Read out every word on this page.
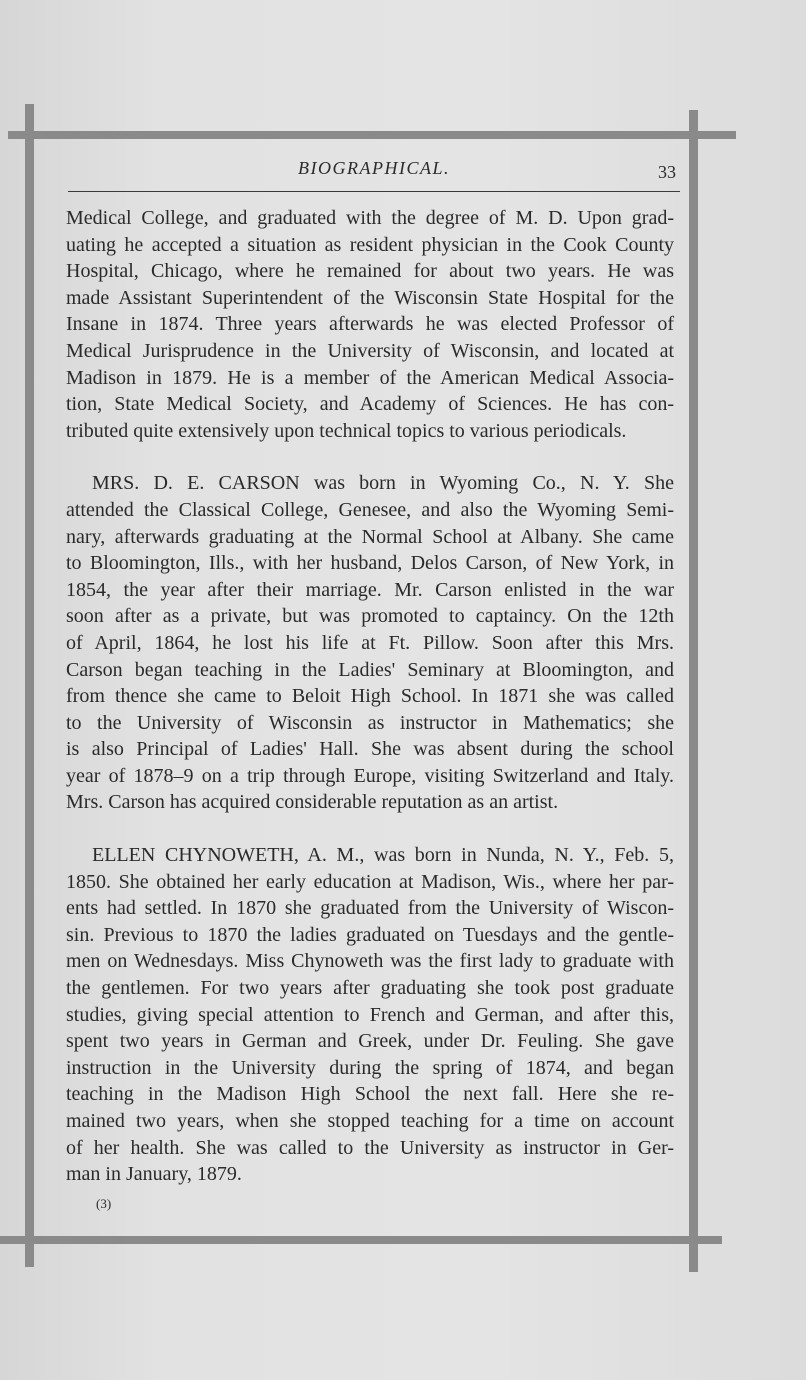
BIOGRAPHICAL.	33

Medical College, and graduated with the degree of M. D. Upon grad-
uating he accepted a situation as resident physician in the Cook County
Hospital, Chicago, where he remained for about two years. He was
made Assistant Superintendent of the Wisconsin State Hospital for the
Insane in 1874. Three years afterwards he was elected Professor of
Medical Jurisprudence in the University of Wisconsin, and located at
Madison in 1879. He is a member of the American Medical Associa-
tion, State Medical Society, and Academy of Sciences. He has con-
tributed quite extensively upon technical topics to various periodicals.

MRS. D. E. CARSON was born in Wyoming Co., N. Y. She
attended the Classical College, Genesee, and also the Wyoming Semi-
nary, afterwards graduating at the Normal School at Albany. She came
to Bloomington, Ills., with her husband, Delos Carson, of New York, in
1854, the year after their marriage. Mr. Carson enlisted in the war
soon after as a private, but was promoted to captaincy. On the 12th
of April, 1864, he lost his life at Ft. Pillow. Soon after this Mrs.
Carson began teaching in the Ladies' Seminary at Bloomington, and
from thence she came to Beloit High School. In 1871 she was called
to the University of Wisconsin as instructor in Mathematics; she
is also Principal of Ladies' Hall. She was absent during the school
year of 1878–9 on a trip through Europe, visiting Switzerland and Italy.
Mrs. Carson has acquired considerable reputation as an artist.

ELLEN CHYNOWETH, A. M., was born in Nunda, N. Y., Feb. 5,
1850. She obtained her early education at Madison, Wis., where her par-
ents had settled. In 1870 she graduated from the University of Wiscon-
sin. Previous to 1870 the ladies graduated on Tuesdays and the gentle-
men on Wednesdays. Miss Chynoweth was the first lady to graduate with
the gentlemen. For two years after graduating she took post graduate
studies, giving special attention to French and German, and after this,
spent two years in German and Greek, under Dr. Feuling. She gave
instruction in the University during the spring of 1874, and began
teaching in the Madison High School the next fall. Here she re-
mained two years, when she stopped teaching for a time on account
of her health. She was called to the University as instructor in Ger-
man in January, 1879.

(3)
